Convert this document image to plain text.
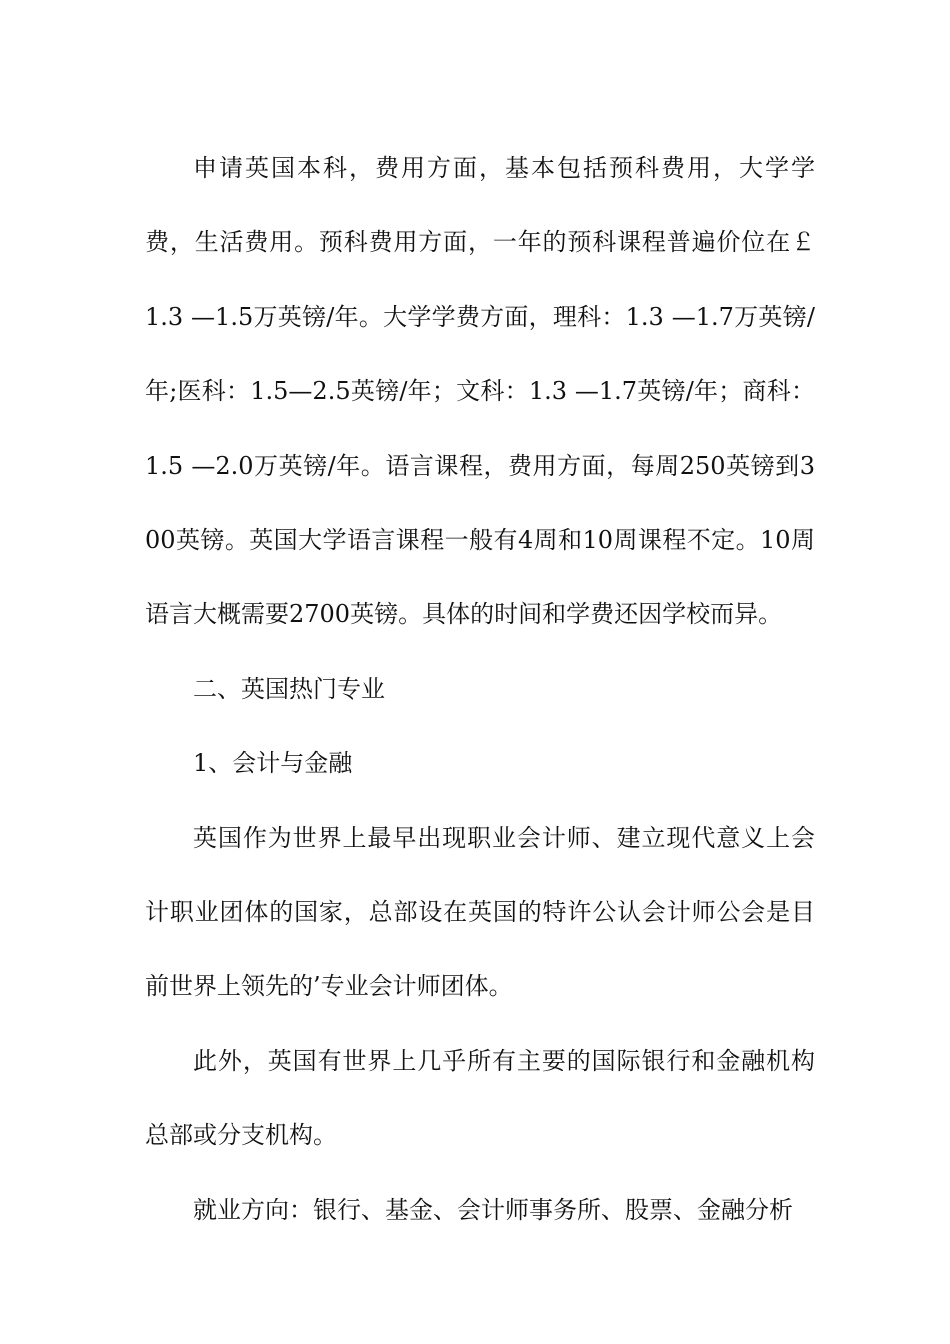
申请英国本科，费用方面，基本包括预科费用，大学学费，生活费用。预科费用方面，一年的预科课程普遍价位在￡ 1.3 —1.5万英镑/年。大学学费方面，理科：1.3 —1.7万英镑/年;医科：1.5—2.5英镑/年；文科：1.3 —1.7英镑/年；商科：1.5 —2.0万英镑/年。语言课程，费用方面，每周250英镑到300英镑。英国大学语言课程一般有4周和10周课程不定。10周语言大概需要2700英镑。具体的时间和学费还因学校而异。

二、英国热门专业

1、会计与金融

英国作为世界上最早出现职业会计师、建立现代意义上会计职业团体的国家，总部设在英国的特许公认会计师公会是目前世界上领先的’专业会计师团体。

此外，英国有世界上几乎所有主要的国际银行和金融机构总部或分支机构。

就业方向：银行、基金、会计师事务所、股票、金融分析
